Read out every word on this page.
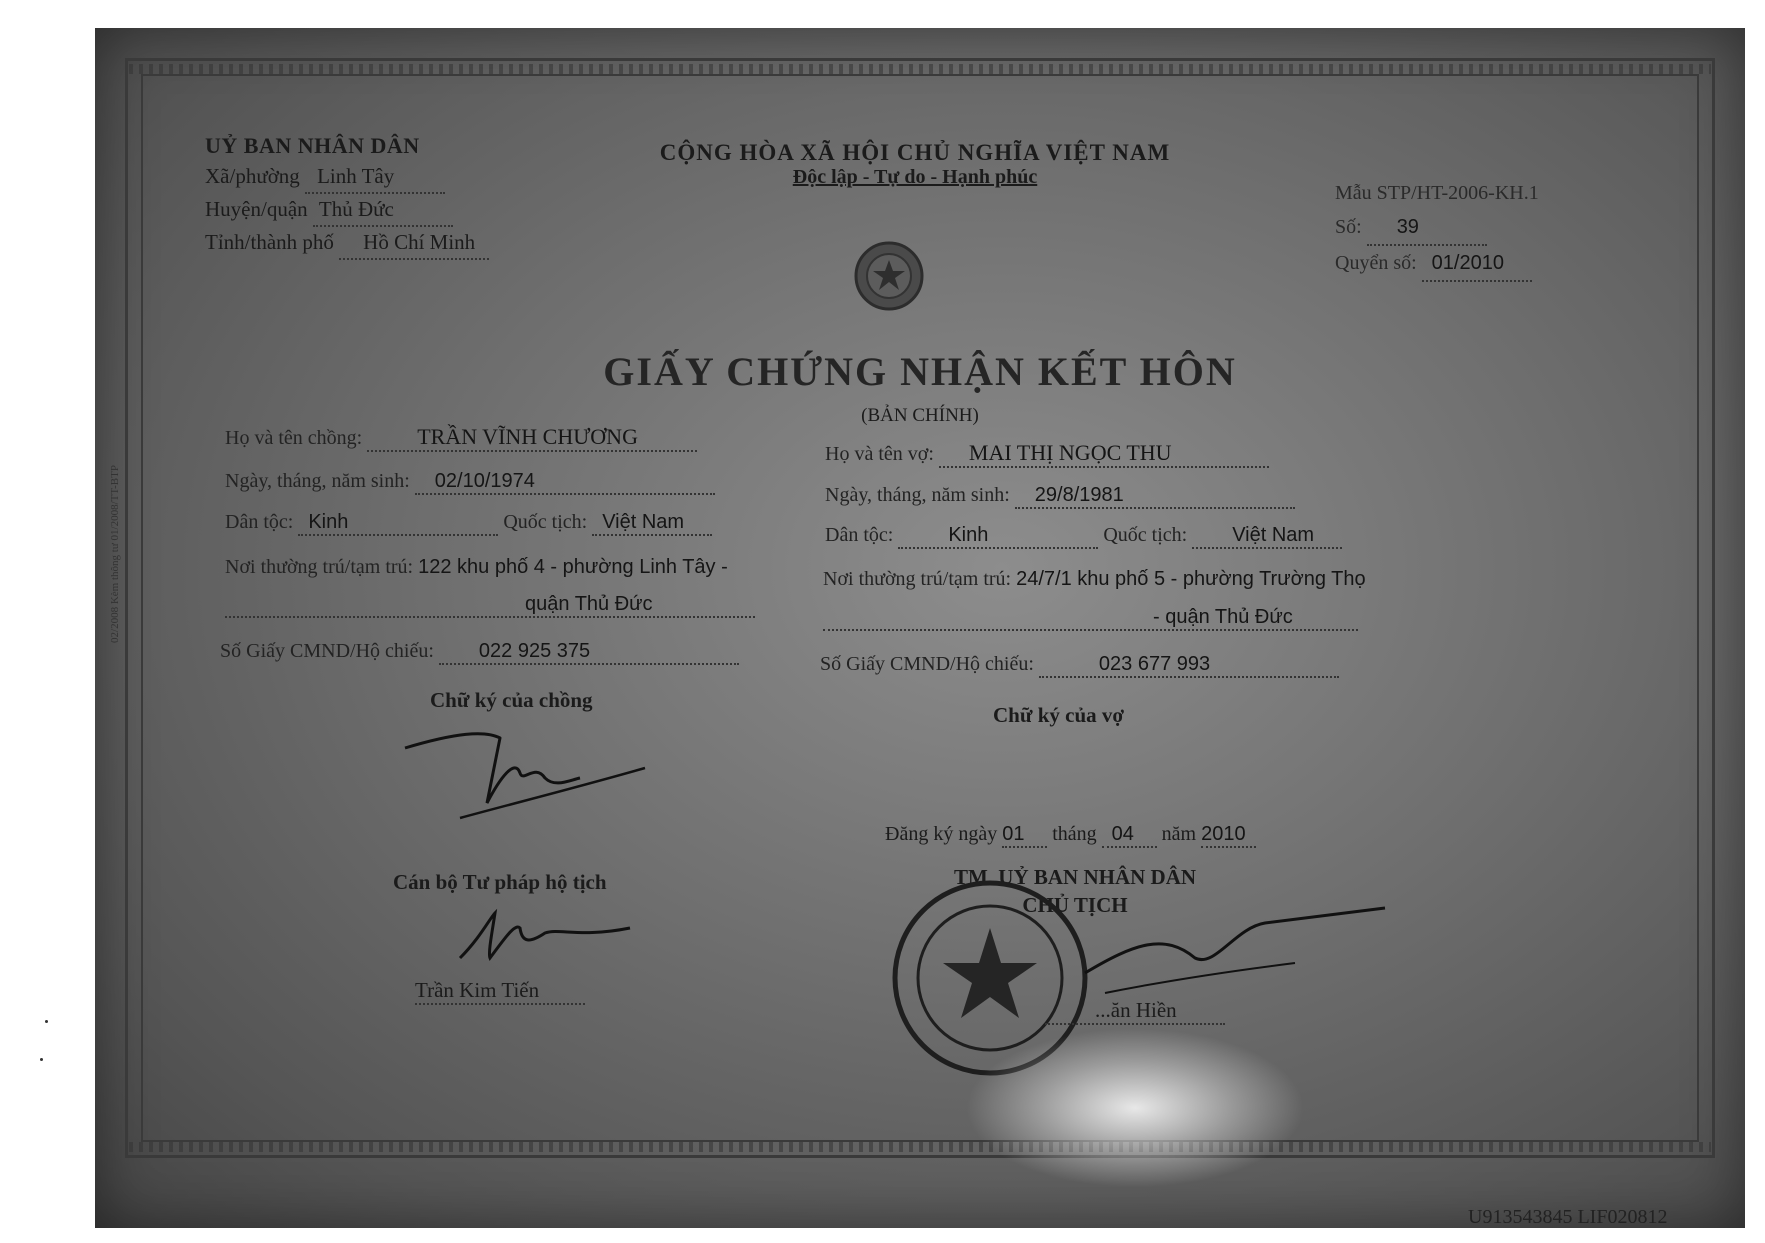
02/2008 Kèm thông tư 01/2008/TT-BTP
UỶ BAN NHÂN DÂN
Xã/phường Linh Tây
Huyện/quận Thủ Đức
Tỉnh/thành phố Hồ Chí Minh
CỘNG HÒA XÃ HỘI CHỦ NGHĨA VIỆT NAM
Độc lập - Tự do - Hạnh phúc
Mẫu STP/HT-2006-KH.1
Số: 39
Quyển số: 01/2010
GIẤY CHỨNG NHẬN KẾT HÔN
(BẢN CHÍNH)
Họ và tên chồng:	TRẦN VĨNH CHƯƠNG
Ngày, tháng, năm sinh: 02/10/1974
Dân tộc: Kinh	Quốc tịch: Việt Nam
Nơi thường trú/tạm trú: 122 khu phố 4 - phường Linh Tây -
quận Thủ Đức
Số Giấy CMND/Hộ chiếu: 022 925 375
Chữ ký của chồng
Cán bộ Tư pháp hộ tịch
Trần Kim Tiến
Họ và tên vợ: MAI THỊ NGỌC THU
Ngày, tháng, năm sinh: 29/8/1981
Dân tộc:	Kinh	Quốc tịch: Việt Nam
Nơi thường trú/tạm trú: 24/7/1 khu phố 5 - phường Trường Thọ
- quận Thủ Đức
Số Giấy CMND/Hộ chiếu:	023 677 993
Chữ ký của vợ
Đăng ký ngày 01 tháng 04 năm 2010
TM. UỶ BAN NHÂN DÂN
CHỦ TỊCH
...ăn Hiền
U913543845 LIF020812
